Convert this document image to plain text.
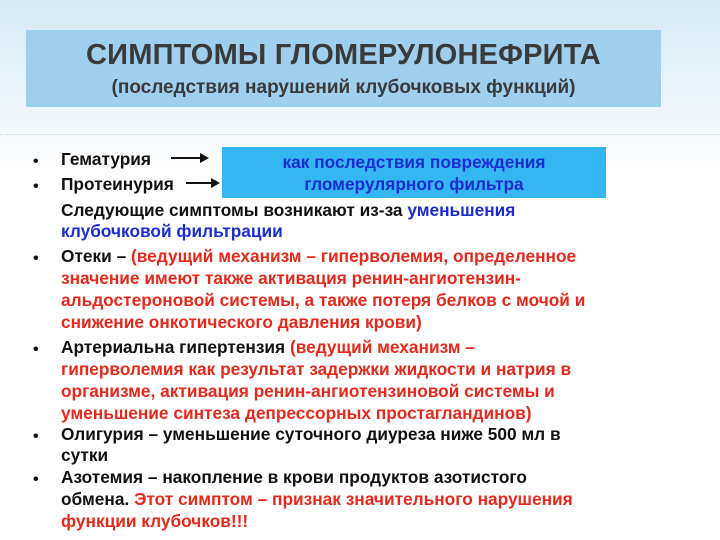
СИМПТОМЫ ГЛОМЕРУЛОНЕФРИТА
(последствия нарушений клубочковых функций)
• Гематурия
• Протеинурия
как последствия повреждения
гломерулярного фильтра
Следующие симптомы возникают из-за уменьшения
клубочковой фильтрации
• Отеки – (ведущий механизм – гиперволемия, определенное
значение имеют также активация ренин-ангиотензин-
альдостероновой системы, а также потеря белков с мочой и
снижение онкотического давления крови)
• Артериальна гипертензия (ведущий механизм –
гиперволемия как результат задержки жидкости и натрия в
организме, активация ренин-ангиотензиновой системы и
уменьшение синтеза депрессорных простагландинов)
• Олигурия – уменьшение суточного диуреза ниже 500 мл в
сутки
• Азотемия – накопление в крови продуктов азотистого
обмена. Этот симптом – признак значительного нарушения
функции клубочков!!!
